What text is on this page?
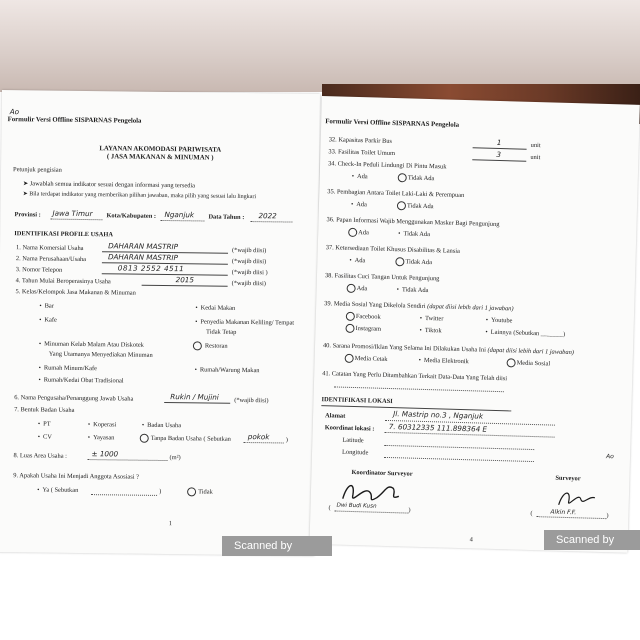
Ao
Formulir Versi Offline SISPARNAS Pengelola
LAYANAN AKOMODASI PARIWISATA
( JASA MAKANAN & MINUMAN )
Petunjuk pengisian
➤ Jawablah semua indikator sesuai dengan informasi yang tersedia
➤ Bila terdapat indikator yang memberikan pilihan jawaban, maka pilih yang sesuai lalu lingkari
Provinsi : Jawa Timur Kota/Kabupaten : Nganjuk Data Tahun : 2022
IDENTIFIKASI PROFILE USAHA
1. Nama Komersial Usaha	DAHARAN MASTRIP	(*wajib diisi)
2. Nama Perusahaan/Usaha	DAHARAN MASTRIP	(*wajib diisi)
3. Nomor Telepon	0813 2552 4511	(*wajib diisi )
4. Tahun Mulai Beroperasinya Usaha	2015	(*wajib diisi)
5. Kelas/Kelompok Jasa Makanan & Minuman
• Bar	• Kedai Makan
• Kafe	• Penyedia Makanan Keliling/ Tempat
Tidak Tetap
• Minuman Kelab Malam Atau Diskotek
Yang Utamanya Menyediakan Minuman
Restoran
• Rumah Minum/Kafe	• Rumah/Warung Makan
• Rumah/Kedai Obat Tradisional
6. Nama Pengusaha/Penanggung Jawab Usaha	Rukin / Mujini (*wajib diisi)
7. Bentuk Badan Usaha
• PT	• Koperasi	• Badan Usaha
• CV	• Yayasan	Tanpa Badan Usaha ( Sebutkan pokok	)
8. Luas Area Usaha :	± 1000	(m²)
9. Apakah Usaha Ini Menjadi Anggota Asosiasi ?
• Ya ( Sebutkan	)	Tidak
1
Formulir Versi Offline SISPARNAS Pengelola
32. Kapasitas Parkir Bus	1	unit
33. Fasilitas Toilet Umum	3	unit
34. Check-In Peduli Lindungi Di Pintu Masuk
• Ada	Tidak Ada
35. Pembagian Antara Toilet Laki-Laki & Perempuan
• Ada	Tidak Ada
36. Papan Informasi Wajib Menggunakan Masker Bagi Pengunjung
Ada	• Tidak Ada
37. Ketersediaan Toilet Khusus Disabilitas & Lansia
• Ada	Tidak Ada
38. Fasilitas Cuci Tangan Untuk Pengunjung
Ada	• Tidak Ada
39. Media Sosial Yang Dikelola Sendiri (dapat diisi lebih dari 1 jawaban)
Facebook	• Twitter	• Youtube
Instagram	• Tiktok	• Lainnya (Sebutkan _______)
40. Sarana Promosi/Iklan Yang Selama Ini Dilakukan Usaha Ini (dapat diisi lebih dari 1 jawaban)
Media Cetak	• Media Elektronik	Media Sosial
41. Catatan Yang Perlu Ditambahkan Terkait Data-Data Yang Telah diisi
IDENTIFIKASI LOKASI
Alamat	Jl. Mastrip no.3 , Nganjuk
Koordinat lokasi : 7. 60312335 111.898364 E
Latitude
Longitude
Ao
Koordinator Surveyor
Surveyor
( Dwi Budi Kusn
)	(	Alkin F.F.	)
4
Scanned by TapScan
Scanned by TapScan
